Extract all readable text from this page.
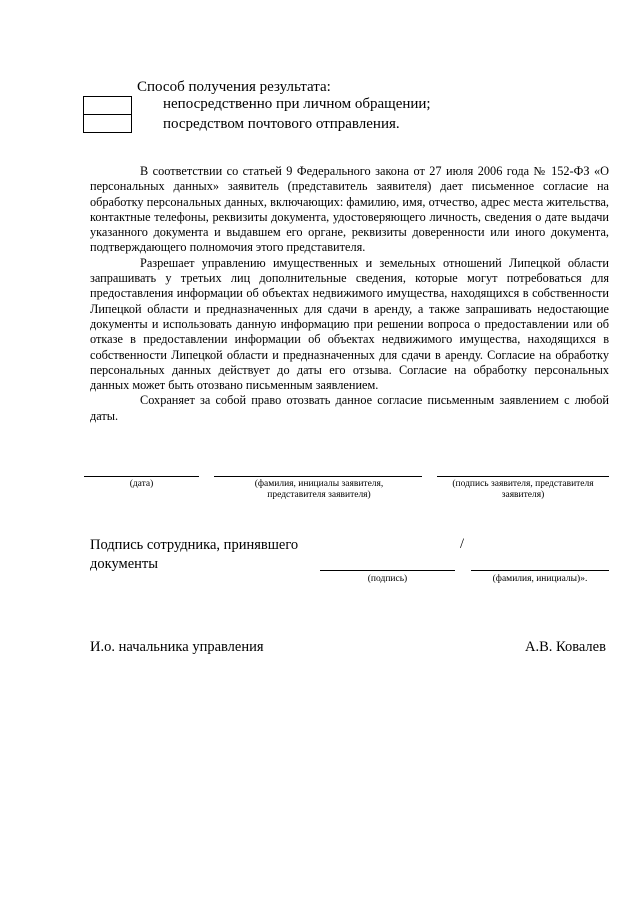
Способ получения результата:
непосредственно при личном обращении;
посредством почтового отправления.

В соответствии со статьей 9 Федерального закона от 27 июля 2006 года № 152-ФЗ «О персональных данных» заявитель (представитель заявителя) дает письменное согласие на обработку персональных данных, включающих: фамилию, имя, отчество, адрес места жительства, контактные телефоны, реквизиты документа, удостоверяющего личность, сведения о дате выдачи указанного документа и выдавшем его органе, реквизиты доверенности или иного документа, подтверждающего полномочия этого представителя.

Разрешает управлению имущественных и земельных отношений Липецкой области запрашивать у третьих лиц дополнительные сведения, которые могут потребоваться для предоставления информации об объектах недвижимого имущества, находящихся в собственности Липецкой области и предназначенных для сдачи в аренду, а также запрашивать недостающие документы и использовать данную информацию при решении вопроса о предоставлении или об отказе в предоставлении информации об объектах недвижимого имущества, находящихся в собственности Липецкой области и предназначенных для сдачи в аренду. Согласие на обработку персональных данных действует до даты его отзыва. Согласие на обработку персональных данных может быть отозвано письменным заявлением.

Сохраняет за собой право отозвать данное согласие письменным заявлением с любой даты.

(дата)	(фамилия, инициалы заявителя, представителя заявителя)
(подпись заявителя, представителя заявителя)
Подпись сотрудника, принявшего документы
/
(подпись)	(фамилия, инициалы)».
И.о. начальника управления	А.В. Ковалев
